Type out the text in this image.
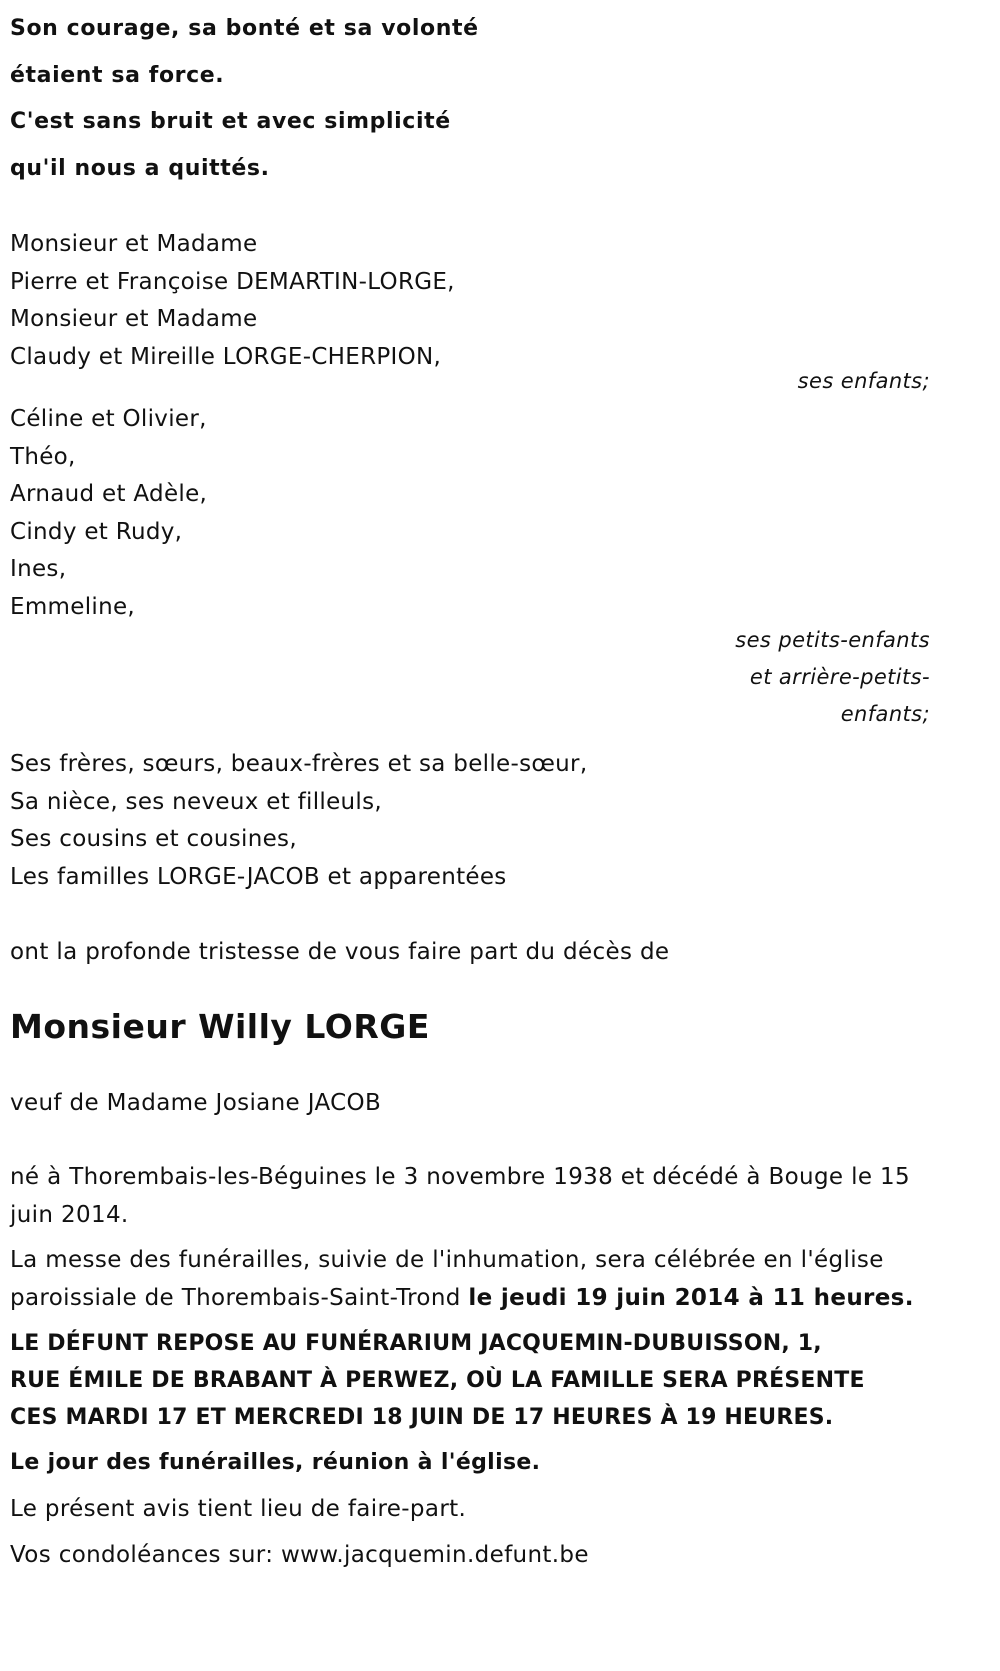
Son courage, sa bonté et sa volonté
étaient sa force.
C'est sans bruit et avec simplicité
qu'il nous a quittés.
Monsieur et Madame
Pierre et Françoise DEMARTIN-LORGE,
Monsieur et Madame
Claudy et Mireille LORGE-CHERPION,
ses enfants;
Céline et Olivier,
Théo,
Arnaud et Adèle,
Cindy et Rudy,
Ines,
Emmeline,
ses petits-enfants
et arrière-petits-
enfants;
Ses frères, sœurs, beaux-frères et sa belle-sœur,
Sa nièce, ses neveux et filleuls,
Ses cousins et cousines,
Les familles LORGE-JACOB et apparentées
ont la profonde tristesse de vous faire part du décès de
Monsieur Willy LORGE
veuf de Madame Josiane JACOB
né à Thorembais-les-Béguines le 3 novembre 1938 et décédé à Bouge le 15 juin 2014.
La messe des funérailles, suivie de l'inhumation, sera célébrée en l'église paroissiale de Thorembais-Saint-Trond le jeudi 19 juin 2014 à 11 heures.
LE DÉFUNT REPOSE AU FUNÉRARIUM JACQUEMIN-DUBUISSON, 1, RUE ÉMILE DE BRABANT À PERWEZ, OÙ LA FAMILLE SERA PRÉSENTE CES MARDI 17 ET MERCREDI 18 JUIN DE 17 HEURES À 19 HEURES.
Le jour des funérailles, réunion à l'église.
Le présent avis tient lieu de faire-part.
Vos condoléances sur: www.jacquemin.defunt.be
